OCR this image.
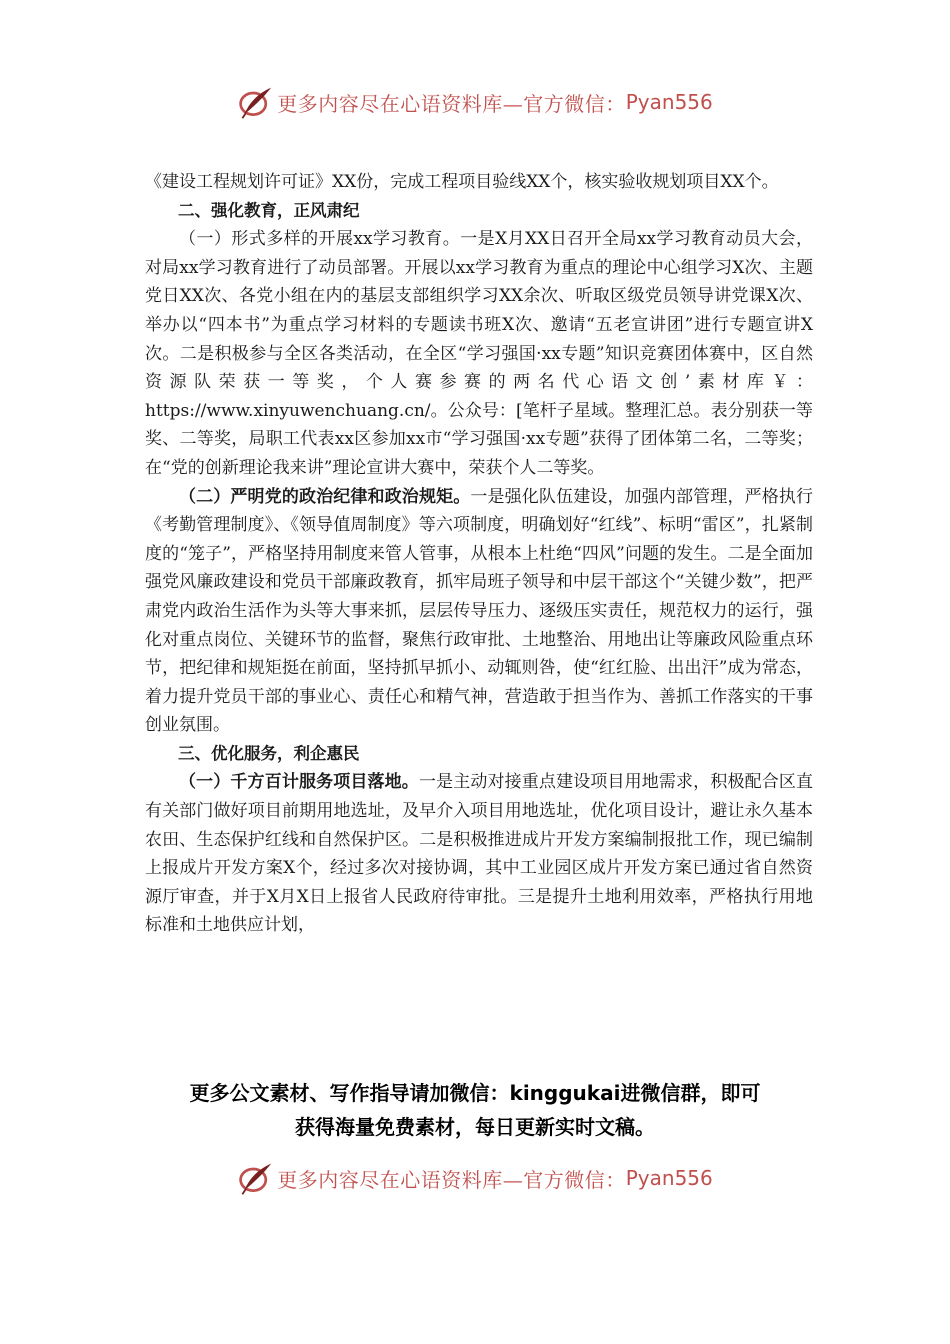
更多内容尽在心语资料库—官方微信： Pyan556

《建设工程规划许可证》XX份，完成工程项目验线XX个，核实验收规划项目XX个。

二、强化教育，正风肃纪

（一）形式多样的开展xx学习教育。一是X月XX日召开全局xx学习教育动员大会，对局xx学习教育进行了动员部署。开展以xx学习教育为重点的理论中心组学习X次、主题党日XX次、各党小组在内的基层支部组织学习XX余次、听取区级党员领导讲党课X次、举办以“四本书”为重点学习材料的专题读书班X次、邀请“五老宣讲团”进行专题宣讲X次。二是积极参与全区各类活动，在全区“学习强国·xx专题”知识竞赛团体赛中，区自然资源队荣获一等奖，个人赛参赛的两名代心语文创’素材库￥：https://www.xinyuwenchuang.cn/。公众号：[笔杆子星域。整理汇总。表分别获一等奖、二等奖，局职工代表xx区参加xx市“学习强国·xx专题”获得了团体第二名，二等奖；在“党的创新理论我来讲”理论宣讲大赛中，荣获个人二等奖。

（二）严明党的政治纪律和政治规矩。一是强化队伍建设，加强内部管理，严格执行《考勤管理制度》、《领导值周制度》等六项制度，明确划好“红线”、标明“雷区”，扎紧制度的“笼子”，严格坚持用制度来管人管事，从根本上杜绝“四风”问题的发生。二是全面加强党风廉政建设和党员干部廉政教育，抓牢局班子领导和中层干部这个“关键少数”，把严肃党内政治生活作为头等大事来抓，层层传导压力、逐级压实责任，规范权力的运行，强化对重点岗位、关键环节的监督，聚焦行政审批、土地整治、用地出让等廉政风险重点环节，把纪律和规矩挺在前面，坚持抓早抓小、动辄则咎，使“红红脸、出出汗”成为常态，着力提升党员干部的事业心、责任心和精气神，营造敢于担当作为、善抓工作落实的干事创业氛围。

三、优化服务，利企惠民

（一）千方百计服务项目落地。一是主动对接重点建设项目用地需求，积极配合区直有关部门做好项目前期用地选址，及早介入项目用地选址，优化项目设计，避让永久基本农田、生态保护红线和自然保护区。二是积极推进成片开发方案编制报批工作，现已编制上报成片开发方案X个，经过多次对接协调，其中工业园区成片开发方案已通过省自然资源厅审查，并于X月X日上报省人民政府待审批。三是提升土地利用效率，严格执行用地标准和土地供应计划，

更多公文素材、写作指导请加微信：kinggukai进微信群，即可
获得海量免费素材，每日更新实时文稿。
更多内容尽在心语资料库—官方微信： Pyan556
